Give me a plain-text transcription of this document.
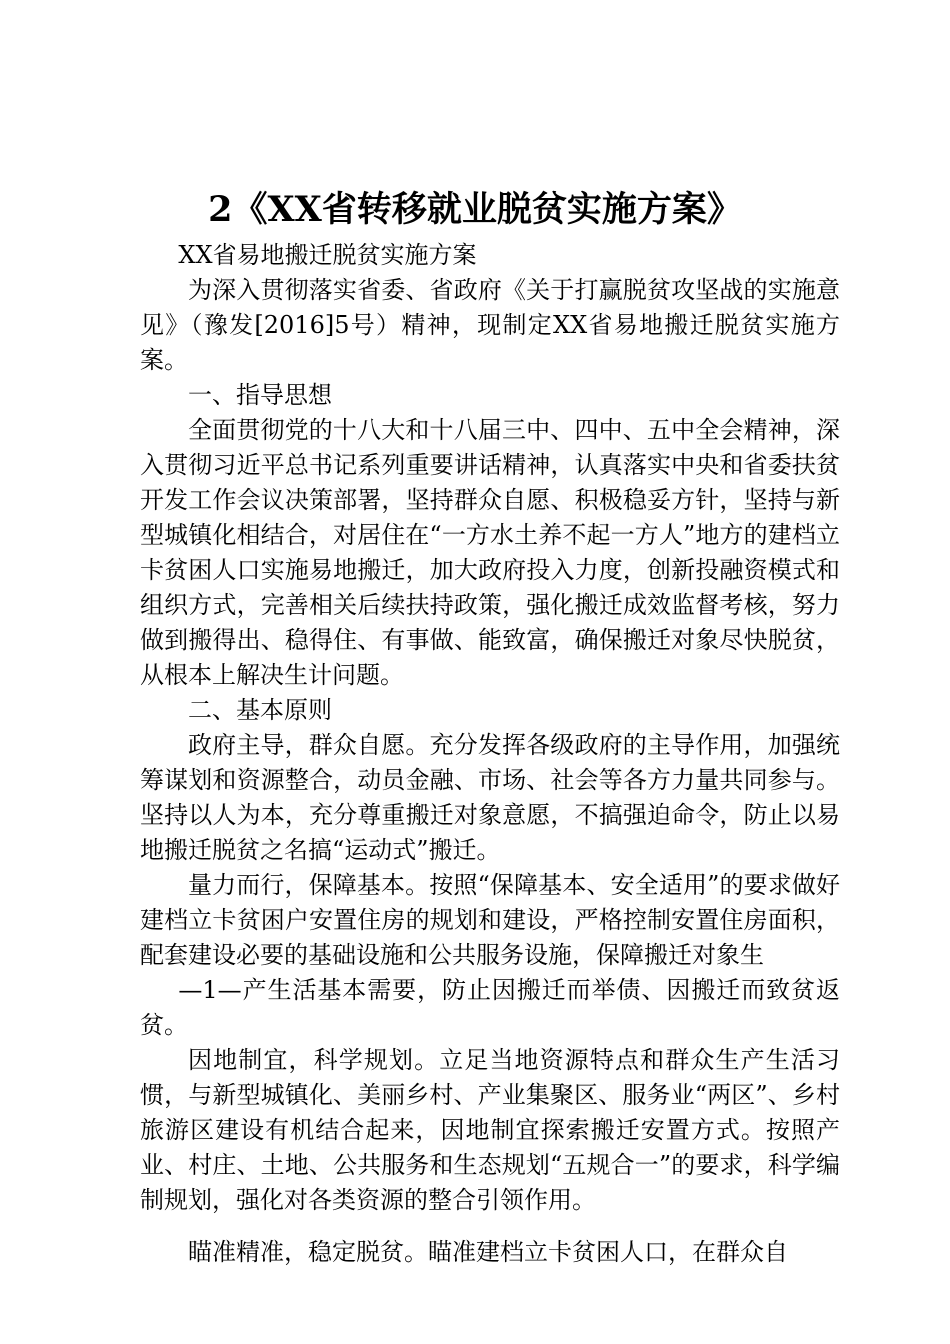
2《XX省转移就业脱贫实施方案》

XX省易地搬迁脱贫实施方案

为深入贯彻落实省委、省政府《关于打赢脱贫攻坚战的实施意见》（豫发[2016]5号）精神，现制定XX省易地搬迁脱贫实施方案。

一、指导思想

全面贯彻党的十八大和十八届三中、四中、五中全会精神，深入贯彻习近平总书记系列重要讲话精神，认真落实中央和省委扶贫开发工作会议决策部署，坚持群众自愿、积极稳妥方针，坚持与新型城镇化相结合，对居住在“一方水土养不起一方人”地方的建档立卡贫困人口实施易地搬迁，加大政府投入力度，创新投融资模式和组织方式，完善相关后续扶持政策，强化搬迁成效监督考核，努力做到搬得出、稳得住、有事做、能致富，确保搬迁对象尽快脱贫，从根本上解决生计问题。

二、基本原则

政府主导，群众自愿。充分发挥各级政府的主导作用，加强统筹谋划和资源整合，动员金融、市场、社会等各方力量共同参与。坚持以人为本，充分尊重搬迁对象意愿，不搞强迫命令，防止以易地搬迁脱贫之名搞“运动式”搬迁。

量力而行，保障基本。按照“保障基本、安全适用”的要求做好建档立卡贫困户安置住房的规划和建设，严格控制安置住房面积，配套建设必要的基础设施和公共服务设施，保障搬迁对象生

—1—产生活基本需要，防止因搬迁而举债、因搬迁而致贫返贫。

因地制宜，科学规划。立足当地资源特点和群众生产生活习惯，与新型城镇化、美丽乡村、产业集聚区、服务业“两区”、乡村旅游区建设有机结合起来，因地制宜探索搬迁安置方式。按照产业、村庄、土地、公共服务和生态规划“五规合一”的要求，科学编制规划，强化对各类资源的整合引领作用。

瞄准精准，稳定脱贫。瞄准建档立卡贫困人口，在群众自
